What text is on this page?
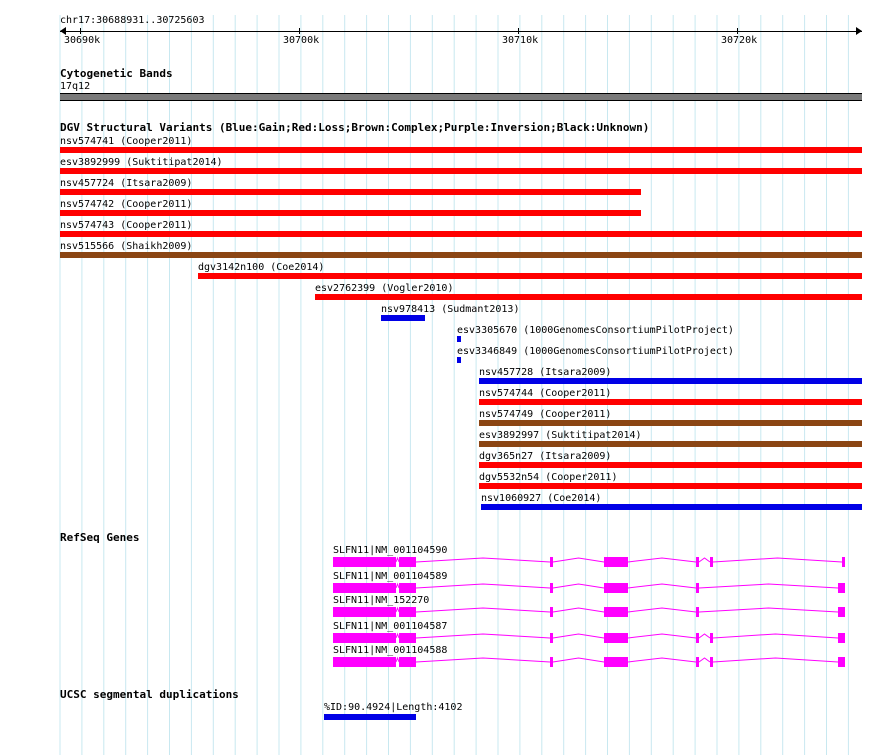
chr17:30688931..30725603
30690k	30700k	30710k	30720k
Cytogenetic Bands
17q12
DGV Structural Variants (Blue:Gain;Red:Loss;Brown:Complex;Purple:Inversion;Black:Unknown)
nsv574741 (Cooper2011)
esv3892999 (Suktitipat2014)
nsv457724 (Itsara2009)
nsv574742 (Cooper2011)
nsv574743 (Cooper2011)
nsv515566 (Shaikh2009)
dgv3142n100 (Coe2014)
esv2762399 (Vogler2010)
nsv978413 (Sudmant2013)
esv3305670 (1000GenomesConsortiumPilotProject)
esv3346849 (1000GenomesConsortiumPilotProject)
nsv457728 (Itsara2009)
nsv574744 (Cooper2011)
nsv574749 (Cooper2011)
esv3892997 (Suktitipat2014)
dgv365n27 (Itsara2009)
dgv5532n54 (Cooper2011)
nsv1060927 (Coe2014)
RefSeq Genes
SLFN11|NM_001104590
SLFN11|NM_001104589
SLFN11|NM_152270
SLFN11|NM_001104587
SLFN11|NM_001104588
UCSC segmental duplications
%ID:90.4924|Length:4102
